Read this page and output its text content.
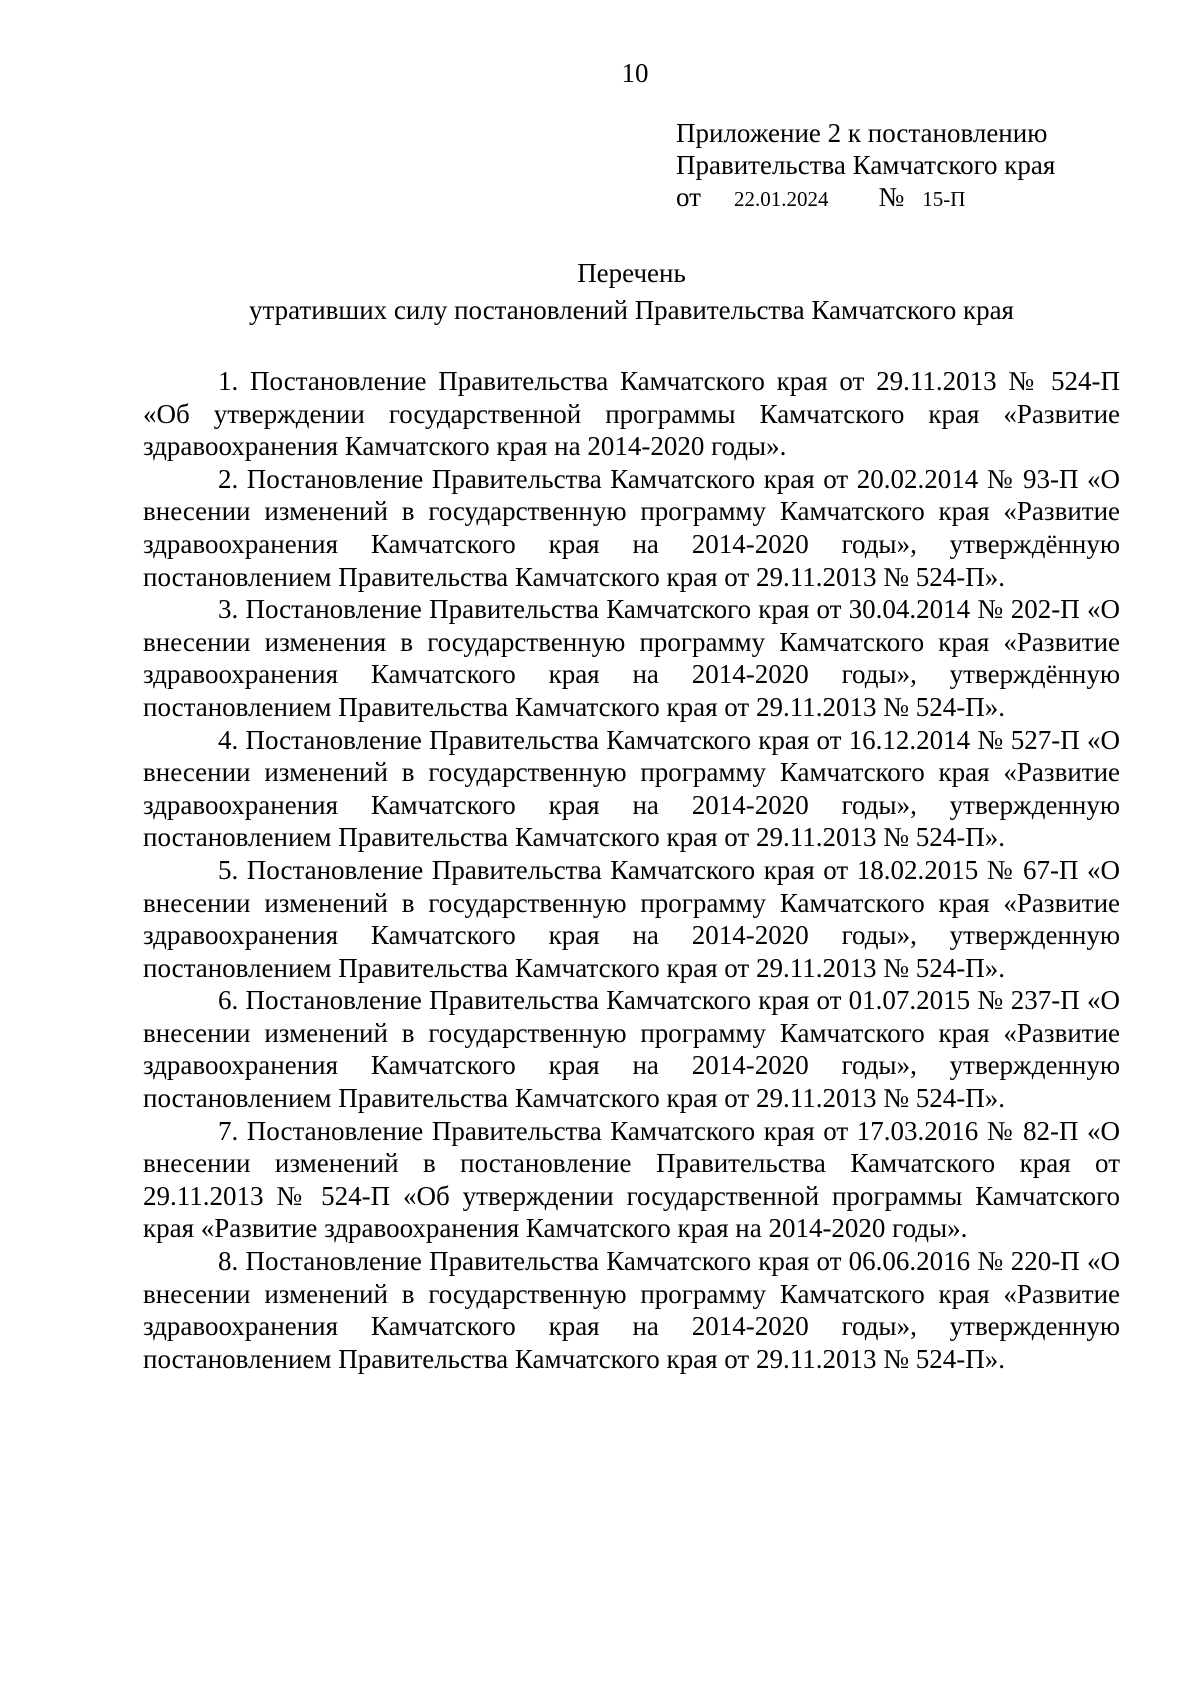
10
Приложение 2 к постановлению
Правительства Камчатского края
от 22.01.2024 № 15-П
Перечень
утративших силу постановлений Правительства Камчатского края

1. Постановление Правительства Камчатского края от 29.11.2013 № 524-П «Об утверждении государственной программы Камчатского края «Развитие здравоохранения Камчатского края на 2014-2020 годы».

2. Постановление Правительства Камчатского края от 20.02.2014 № 93-П «О внесении изменений в государственную программу Камчатского края «Развитие здравоохранения Камчатского края на 2014-2020 годы», утверждённую постановлением Правительства Камчатского края от 29.11.2013 № 524-П».

3. Постановление Правительства Камчатского края от 30.04.2014 № 202-П «О внесении изменения в государственную программу Камчатского края «Развитие здравоохранения Камчатского края на 2014-2020 годы», утверждённую постановлением Правительства Камчатского края от 29.11.2013 № 524-П».

4. Постановление Правительства Камчатского края от 16.12.2014 № 527-П «О внесении изменений в государственную программу Камчатского края «Развитие здравоохранения Камчатского края на 2014-2020 годы», утвержденную постановлением Правительства Камчатского края от 29.11.2013 № 524-П».

5. Постановление Правительства Камчатского края от 18.02.2015 № 67-П «О внесении изменений в государственную программу Камчатского края «Развитие здравоохранения Камчатского края на 2014-2020 годы», утвержденную постановлением Правительства Камчатского края от 29.11.2013 № 524-П».

6. Постановление Правительства Камчатского края от 01.07.2015 № 237-П «О внесении изменений в государственную программу Камчатского края «Развитие здравоохранения Камчатского края на 2014-2020 годы», утвержденную постановлением Правительства Камчатского края от 29.11.2013 № 524-П».

7. Постановление Правительства Камчатского края от 17.03.2016 № 82-П «О внесении изменений в постановление Правительства Камчатского края от 29.11.2013 № 524-П «Об утверждении государственной программы Камчатского края «Развитие здравоохранения Камчатского края на 2014-2020 годы».

8. Постановление Правительства Камчатского края от 06.06.2016 № 220-П «О внесении изменений в государственную программу Камчатского края «Развитие здравоохранения Камчатского края на 2014-2020 годы», утвержденную постановлением Правительства Камчатского края от 29.11.2013 № 524-П».
